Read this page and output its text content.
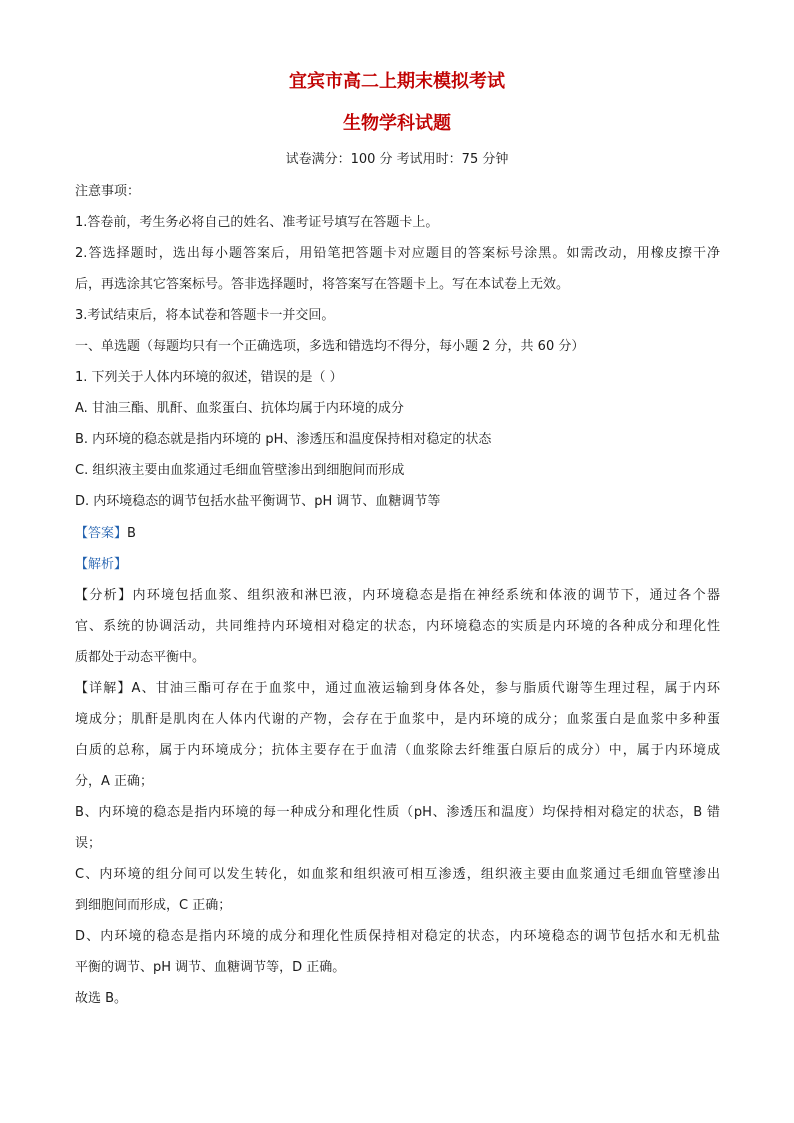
宜宾市高二上期末模拟考试
生物学科试题
试卷满分：100 分 考试用时：75 分钟
注意事项：
1.答卷前，考生务必将自己的姓名、准考证号填写在答题卡上。
2.答选择题时，选出每小题答案后，用铅笔把答题卡对应题目的答案标号涂黑。如需改动，用橡皮擦干净
后，再选涂其它答案标号。答非选择题时，将答案写在答题卡上。写在本试卷上无效。
3.考试结束后，将本试卷和答题卡一并交回。
一、单选题（每题均只有一个正确选项，多选和错选均不得分，每小题 2 分，共 60 分）
1. 下列关于人体内环境的叙述，错误的是（ ）
A. 甘油三酯、肌酐、血浆蛋白、抗体均属于内环境的成分
B. 内环境的稳态就是指内环境的 pH、渗透压和温度保持相对稳定的状态
C. 组织液主要由血浆通过毛细血管壁渗出到细胞间而形成
D. 内环境稳态的调节包括水盐平衡调节、pH 调节、血糖调节等
【答案】B
【解析】
【分析】内环境包括血浆、组织液和淋巴液，内环境稳态是指在神经系统和体液的调节下，通过各个器
官、系统的协调活动，共同维持内环境相对稳定的状态，内环境稳态的实质是内环境的各种成分和理化性
质都处于动态平衡中。
【详解】A、甘油三酯可存在于血浆中，通过血液运输到身体各处，参与脂质代谢等生理过程，属于内环
境成分；肌酐是肌肉在人体内代谢的产物，会存在于血浆中，是内环境的成分；血浆蛋白是血浆中多种蛋
白质的总称，属于内环境成分；抗体主要存在于血清（血浆除去纤维蛋白原后的成分）中，属于内环境成
分，A 正确；
B、内环境的稳态是指内环境的每一种成分和理化性质（pH、渗透压和温度）均保持相对稳定的状态，B 错
误；
C、内环境的组分间可以发生转化，如血浆和组织液可相互渗透，组织液主要由血浆通过毛细血管壁渗出
到细胞间而形成，C 正确；
D、内环境的稳态是指内环境的成分和理化性质保持相对稳定的状态，内环境稳态的调节包括水和无机盐
平衡的调节、pH 调节、血糖调节等，D 正确。
故选 B。
